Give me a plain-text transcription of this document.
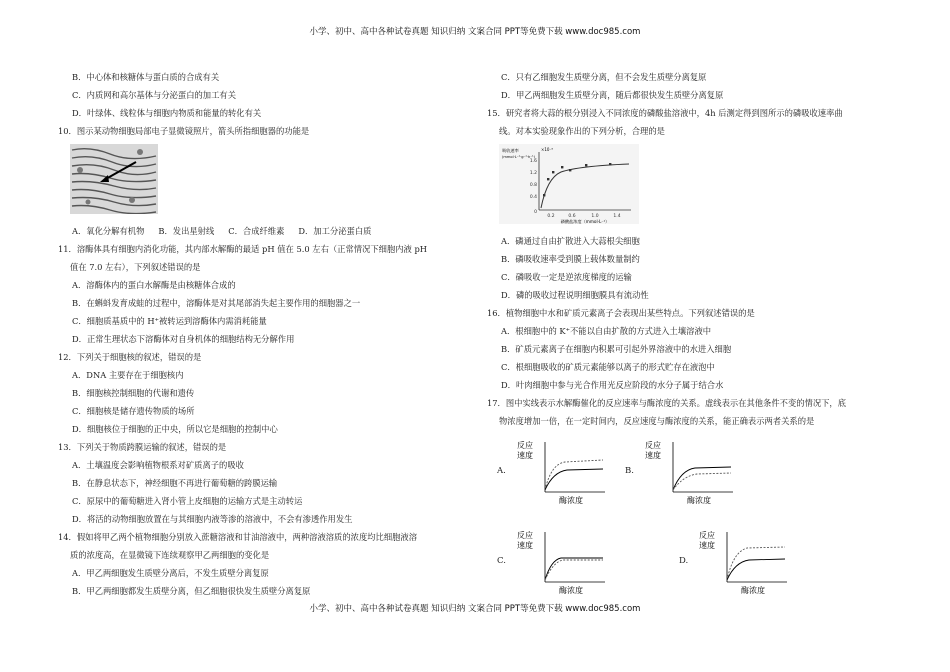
小学、初中、高中各种试卷真题 知识归纳 文案合同 PPT等免费下载 www.doc985.com
B．中心体和核糖体与蛋白质的合成有关
C．内质网和高尔基体与分泌蛋白的加工有关
D．叶绿体、线粒体与细胞内物质和能量的转化有关
10．图示某动物细胞局部电子显微镜照片，箭头所指细胞器的功能是
A．氧化分解有机物 B．发出星射线 C．合成纤维素 D．加工分泌蛋白质
11．溶酶体具有细胞内消化功能，其内部水解酶的最适 pH 值在 5.0 左右（正常情况下细胞内液 pH
值在 7.0 左右），下列叙述错误的是
A．溶酶体内的蛋白水解酶是由核糖体合成的
B．在蝌蚪发育成蛙的过程中，溶酶体是对其尾部消失起主要作用的细胞器之一
C．细胞质基质中的 H⁺被转运到溶酶体内需消耗能量
D．正常生理状态下溶酶体对自身机体的细胞结构无分解作用
12．下列关于细胞核的叙述，错误的是
A．DNA 主要存在于细胞核内
B．细胞核控制细胞的代谢和遗传
C．细胞核是储存遗传物质的场所
D．细胞核位于细胞的正中央，所以它是细胞的控制中心
13．下列关于物质跨膜运输的叙述，错误的是
A．土壤温度会影响植物根系对矿质离子的吸收
B．在静息状态下，神经细胞不再进行葡萄糖的跨膜运输
C．原尿中的葡萄糖进入肾小管上皮细胞的运输方式是主动转运
D．将活的动物细胞放置在与其细胞内液等渗的溶液中，不会有渗透作用发生
14．假如将甲乙两个植物细胞分别放入蔗糖溶液和甘油溶液中，两种溶液溶质的浓度均比细胞液溶
质的浓度高，在显微镜下连续观察甲乙两细胞的变化是
A．甲乙两细胞发生质壁分离后，不发生质壁分离复原
B．甲乙两细胞都发生质壁分离，但乙细胞很快发生质壁分离复原
C．只有乙细胞发生质壁分离，但不会发生质壁分离复原
D．甲乙两细胞发生质壁分离，随后都很快发生质壁分离复原
15．研究者将大蒜的根分别浸入不同浓度的磷酸盐溶液中，4h 后测定得到图所示的磷吸收速率曲
线。对本实验现象作出的下列分析，合理的是
吸收速率
(mmol·L⁻¹·g⁻¹·h⁻¹)
×10⁻⁵
1.6
1.2
0.8
0.4
0
0.2	0.6	1.0	1.4
磷酸盐浓度（mmol·L⁻¹）
A．磷通过自由扩散进入大蒜根尖细胞
B．磷吸收速率受到膜上载体数量制约
C．磷吸收一定是逆浓度梯度的运输
D．磷的吸收过程说明细胞膜具有流动性
16．植物细胞中水和矿质元素离子会表现出某些特点。下列叙述错误的是
A．根细胞中的 K⁺不能以自由扩散的方式进入土壤溶液中
B．矿质元素离子在细胞内积累可引起外界溶液中的水进入细胞
C．根细胞吸收的矿质元素能够以离子的形式贮存在液泡中
D．叶肉细胞中参与光合作用光反应阶段的水分子属于结合水
17．图中实线表示水解酶催化的反应速率与酶浓度的关系。虚线表示在其他条件不变的情况下，底
物浓度增加一倍，在一定时间内，反应速度与酶浓度的关系，能正确表示两者关系的是
A.
反应
速度
酶浓度
B.
反应
速度
酶浓度
C.
反应
速度
酶浓度
D.
反应
速度
酶浓度
小学、初中、高中各种试卷真题 知识归纳 文案合同 PPT等免费下载 www.doc985.com
